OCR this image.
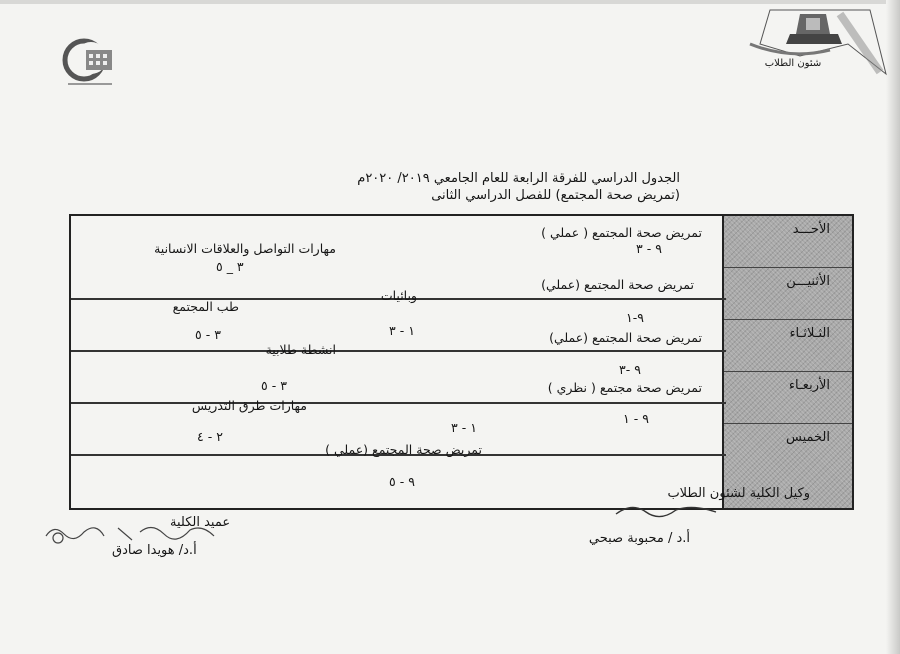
شئون الطلاب
الجدول الدراسي للفرقة الرابعة للعام الجامعي ٢٠١٩/ ٢٠٢٠م
(تمريض صحة المجتمع) للفصل الدراسي الثانى
الأحـــد
الأثنيـــن
الثـلاثـاء
الأربعـاء
الخميس
تمريض صحة المجتمع ( عملي )
٩ - ٣
مهارات التواصل والعلاقات الانسانية
٣ _ ٥
تمريض صحة المجتمع (عملي)
٩-١
وبائيات
١ - ٣
طب المجتمع
٣ - ٥	تمريض صحة المجتمع (عملي)
٩ -٣
انشطة طلابية
٣ - ٥	تمريض صحة مجتمع ( نظري )
٩ - ١
مهارات طرق التدريس
١ - ٣
٢ - ٤
تمريض صحة المجتمع (عملي )
٩ - ٥
وكيل الكلية لشئون الطلاب
أ.د / محبوبة صبحي
عميد الكلية
أ.د/ هويدا صادق
